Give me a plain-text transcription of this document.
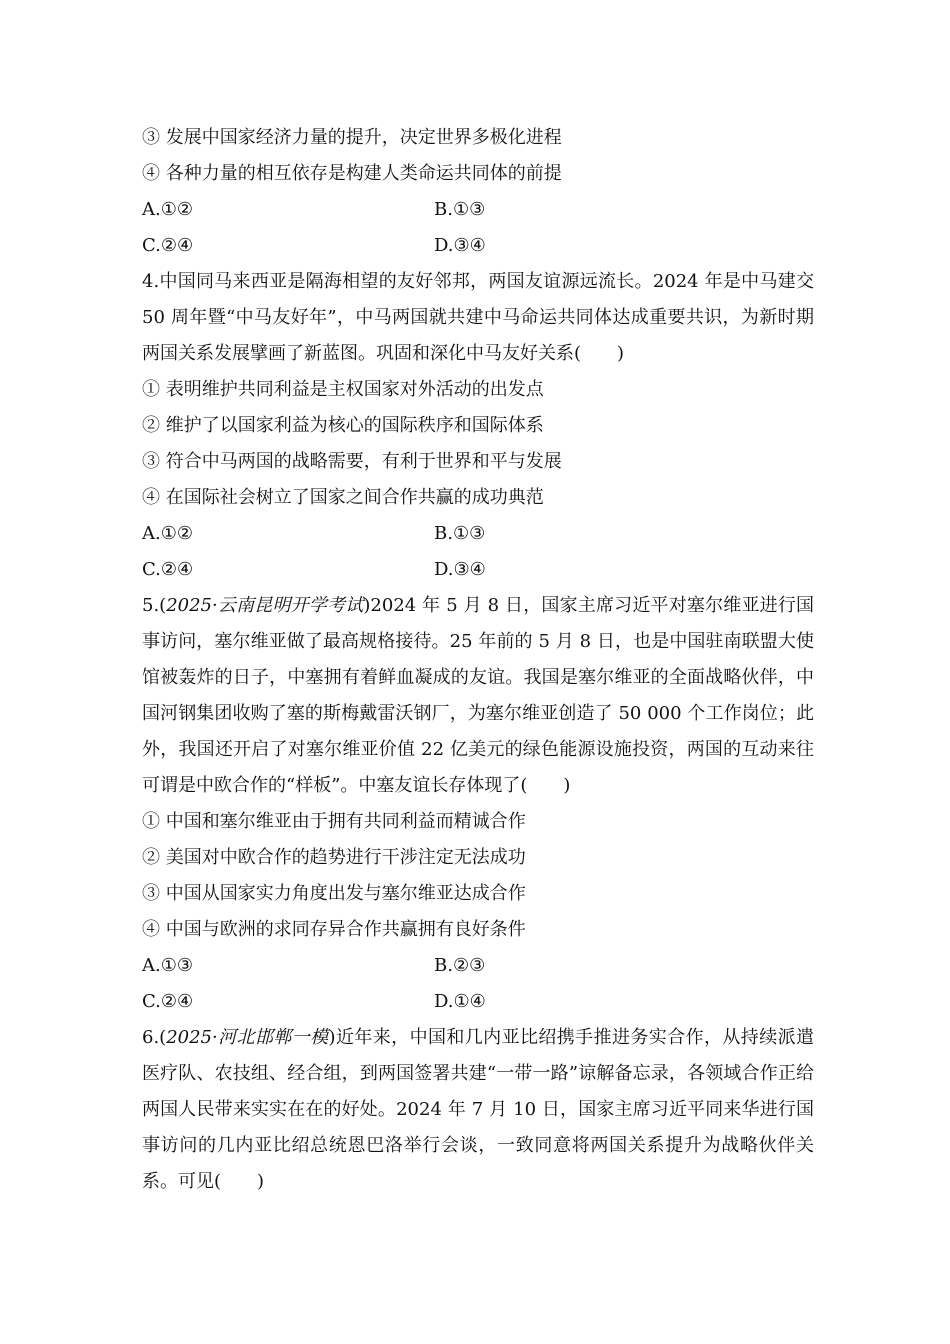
③ 发展中国家经济力量的提升，决定世界多极化进程
④ 各种力量的相互依存是构建人类命运共同体的前提
A.①②	B.①③
C.②④	D.③④
4.中国同马来西亚是隔海相望的友好邻邦，两国友谊源远流长。2024 年是中马建交 50 周年暨“中马友好年”，中马两国就共建中马命运共同体达成重要共识，为新时期两国关系发展擘画了新蓝图。巩固和深化中马友好关系(　　)
① 表明维护共同利益是主权国家对外活动的出发点
② 维护了以国家利益为核心的国际秩序和国际体系
③ 符合中马两国的战略需要，有利于世界和平与发展
④ 在国际社会树立了国家之间合作共赢的成功典范
A.①②	B.①③
C.②④	D.③④
5.(2025·云南昆明开学考试)2024 年 5 月 8 日，国家主席习近平对塞尔维亚进行国事访问，塞尔维亚做了最高规格接待。25 年前的 5 月 8 日，也是中国驻南联盟大使馆被轰炸的日子，中塞拥有着鲜血凝成的友谊。我国是塞尔维亚的全面战略伙伴，中国河钢集团收购了塞的斯梅戴雷沃钢厂，为塞尔维亚创造了 50 000 个工作岗位；此外，我国还开启了对塞尔维亚价值 22 亿美元的绿色能源设施投资，两国的互动来往可谓是中欧合作的“样板”。中塞友谊长存体现了(　　)
① 中国和塞尔维亚由于拥有共同利益而精诚合作
② 美国对中欧合作的趋势进行干涉注定无法成功
③ 中国从国家实力角度出发与塞尔维亚达成合作
④ 中国与欧洲的求同存异合作共赢拥有良好条件
A.①③	B.②③
C.②④	D.①④
6.(2025·河北邯郸一模)近年来，中国和几内亚比绍携手推进务实合作，从持续派遣医疗队、农技组、经合组，到两国签署共建“一带一路”谅解备忘录，各领域合作正给两国人民带来实实在在的好处。2024 年 7 月 10 日，国家主席习近平同来华进行国事访问的几内亚比绍总统恩巴洛举行会谈，一致同意将两国关系提升为战略伙伴关系。可见(　　)
